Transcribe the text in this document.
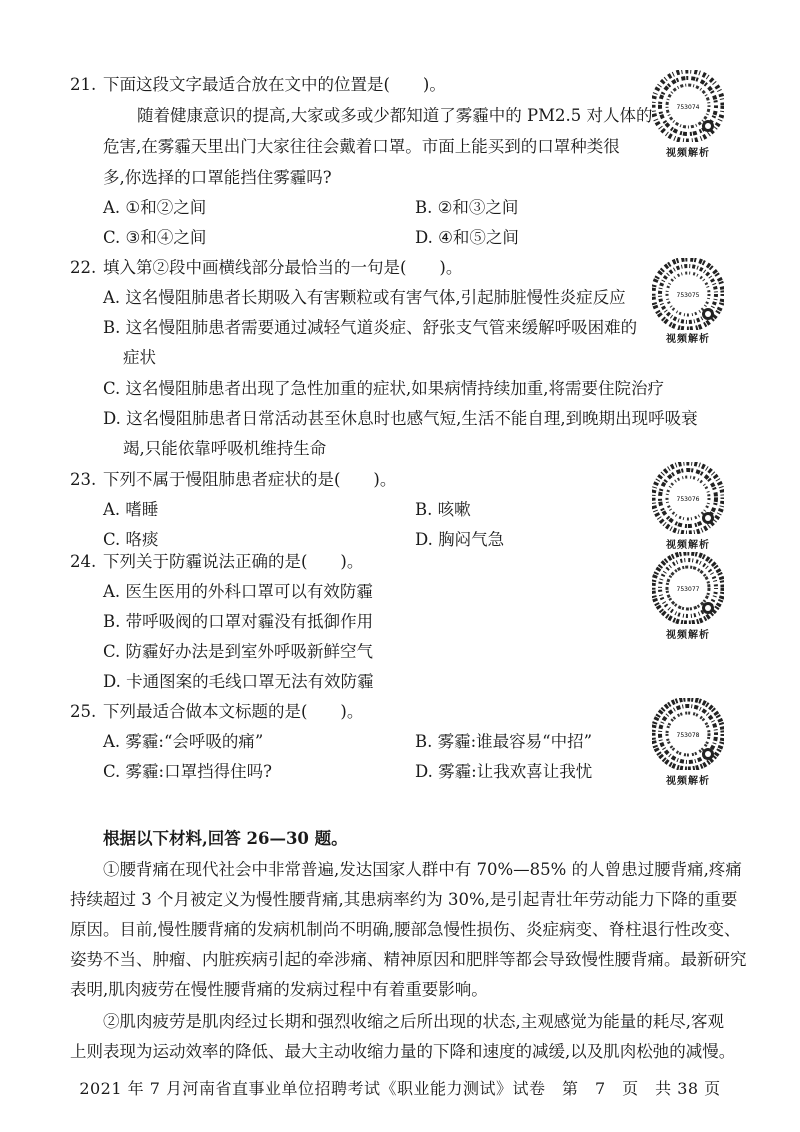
21. 下面这段文字最适合放在文中的位置是(　　)。
随着健康意识的提高,大家或多或少都知道了雾霾中的 PM2.5 对人体的
危害,在雾霾天里出门大家往往会戴着口罩。市面上能买到的口罩种类很
多,你选择的口罩能挡住雾霾吗?
A. ①和②之间	B. ②和③之间
C. ③和④之间	D. ④和⑤之间
753074
视频解析
22. 填入第②段中画横线部分最恰当的一句是(　　)。
A. 这名慢阻肺患者长期吸入有害颗粒或有害气体,引起肺脏慢性炎症反应
B. 这名慢阻肺患者需要通过减轻气道炎症、舒张支气管来缓解呼吸困难的
症状
C. 这名慢阻肺患者出现了急性加重的症状,如果病情持续加重,将需要住院治疗
D. 这名慢阻肺患者日常活动甚至休息时也感气短,生活不能自理,到晚期出现呼吸衰
竭,只能依靠呼吸机维持生命
753075
视频解析
23. 下列不属于慢阻肺患者症状的是(　　)。
A. 嗜睡	B. 咳嗽
C. 咯痰	D. 胸闷气急
753076
视频解析
24. 下列关于防霾说法正确的是(　　)。
A. 医生医用的外科口罩可以有效防霾
B. 带呼吸阀的口罩对霾没有抵御作用
C. 防霾好办法是到室外呼吸新鲜空气
D. 卡通图案的毛线口罩无法有效防霾
753077
视频解析
25. 下列最适合做本文标题的是(　　)。
A. 雾霾:“会呼吸的痛”	B. 雾霾:谁最容易“中招”
C. 雾霾:口罩挡得住吗?	D. 雾霾:让我欢喜让我忧
753078
视频解析
根据以下材料,回答 26—30 题。
①腰背痛在现代社会中非常普遍,发达国家人群中有 70%—85% 的人曾患过腰背痛,疼痛
持续超过 3 个月被定义为慢性腰背痛,其患病率约为 30%,是引起青壮年劳动能力下降的重要
原因。目前,慢性腰背痛的发病机制尚不明确,腰部急慢性损伤、炎症病变、脊柱退行性改变、
姿势不当、肿瘤、内脏疾病引起的牵涉痛、精神原因和肥胖等都会导致慢性腰背痛。最新研究
表明,肌肉疲劳在慢性腰背痛的发病过程中有着重要影响。
②肌肉疲劳是肌肉经过长期和强烈收缩之后所出现的状态,主观感觉为能量的耗尽,客观
上则表现为运动效率的降低、最大主动收缩力量的下降和速度的减缓,以及肌肉松弛的减慢。
2021 年 7 月河南省直事业单位招聘考试《职业能力测试》试卷　第　7　页　共 38 页
